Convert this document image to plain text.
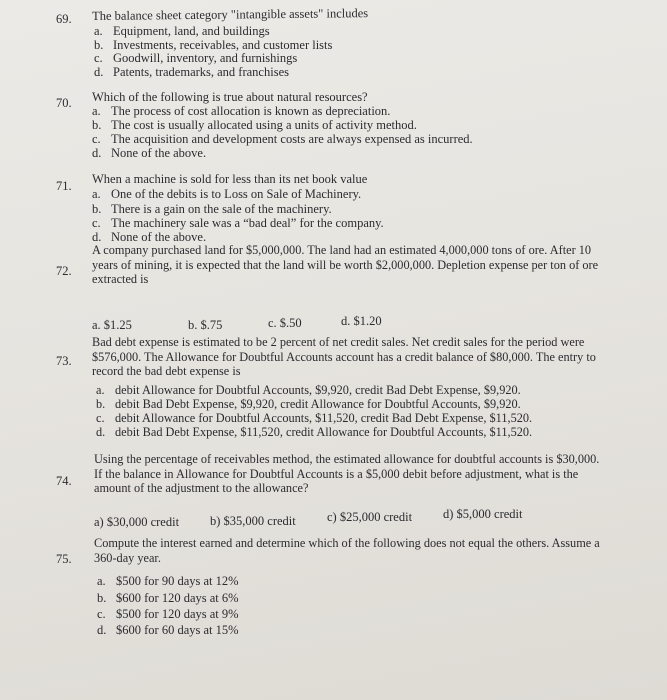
69. The balance sheet category "intangible assets" includes
a. Equipment, land, and buildings
b. Investments, receivables, and customer lists
c. Goodwill, inventory, and furnishings
d. Patents, trademarks, and franchises
70. Which of the following is true about natural resources?
a. The process of cost allocation is known as depreciation.
b. The cost is usually allocated using a units of activity method.
c. The acquisition and development costs are always expensed as incurred.
d. None of the above.
71. When a machine is sold for less than its net book value
a. One of the debits is to Loss on Sale of Machinery.
b. There is a gain on the sale of the machinery.
c. The machinery sale was a “bad deal” for the company.
d. None of the above.
72.
A company purchased land for $5,000,000. The land had an estimated 4,000,000 tons of ore. After 10
years of mining, it is expected that the land will be worth $2,000,000. Depletion expense per ton of ore
extracted is
a. $1.25	b. $.75	c. $.50	d. $1.20
73.
Bad debt expense is estimated to be 2 percent of net credit sales. Net credit sales for the period were
$576,000. The Allowance for Doubtful Accounts account has a credit balance of $80,000. The entry to
record the bad debt expense is
a. debit Allowance for Doubtful Accounts, $9,920, credit Bad Debt Expense, $9,920.
b. debit Bad Debt Expense, $9,920, credit Allowance for Doubtful Accounts, $9,920.
c. debit Allowance for Doubtful Accounts, $11,520, credit Bad Debt Expense, $11,520.
d. debit Bad Debt Expense, $11,520, credit Allowance for Doubtful Accounts, $11,520.
74.
Using the percentage of receivables method, the estimated allowance for doubtful accounts is $30,000.
If the balance in Allowance for Doubtful Accounts is a $5,000 debit before adjustment, what is the
amount of the adjustment to the allowance?
a) $30,000 credit b) $35,000 credit	c) $25,000 credit d) $5,000 credit
75.
Compute the interest earned and determine which of the following does not equal the others. Assume a
360-day year.
a. $500 for 90 days at 12%
b. $600 for 120 days at 6%
c. $500 for 120 days at 9%
d. $600 for 60 days at 15%
